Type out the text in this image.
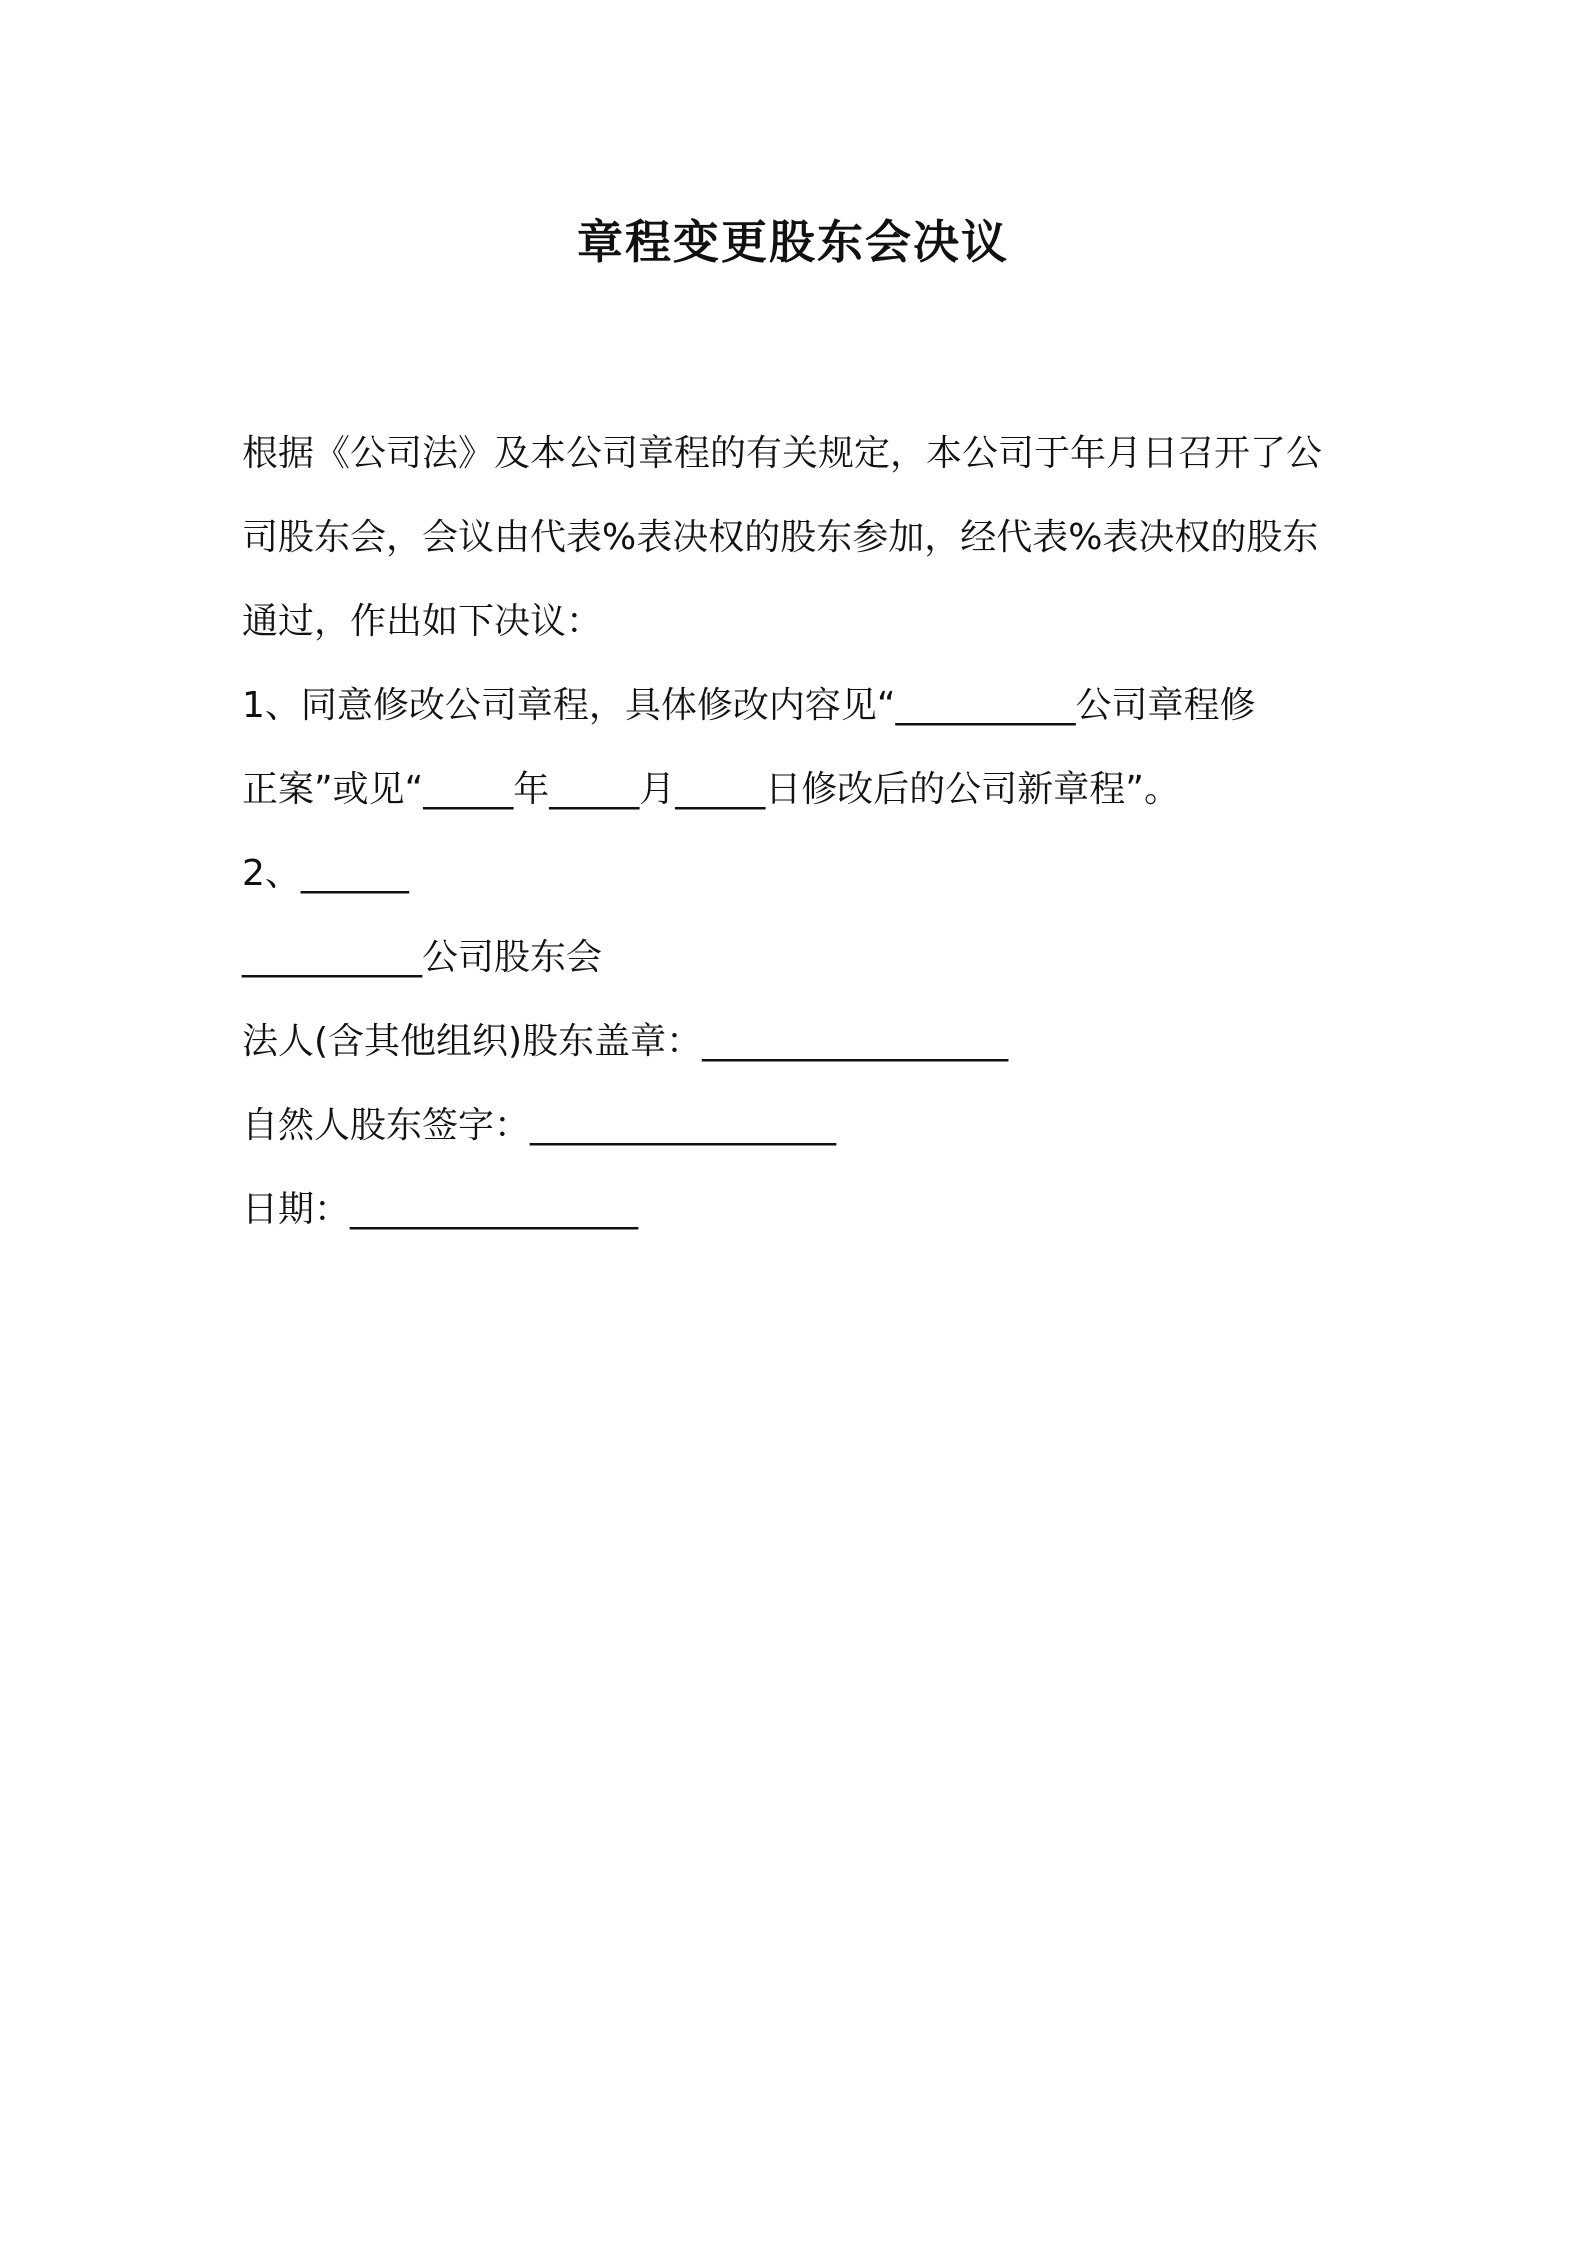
章程变更股东会决议
根据《公司法》及本公司章程的有关规定，本公司于年月日召开了公
司股东会，会议由代表%表决权的股东参加，经代表%表决权的股东
通过，作出如下决议：
1、同意修改公司章程，具体修改内容见“__________公司章程修
正案”或见“_____年_____月_____日修改后的公司新章程”。
2、______
__________公司股东会
法人(含其他组织)股东盖章：_________________
自然人股东签字：_________________
日期：________________
